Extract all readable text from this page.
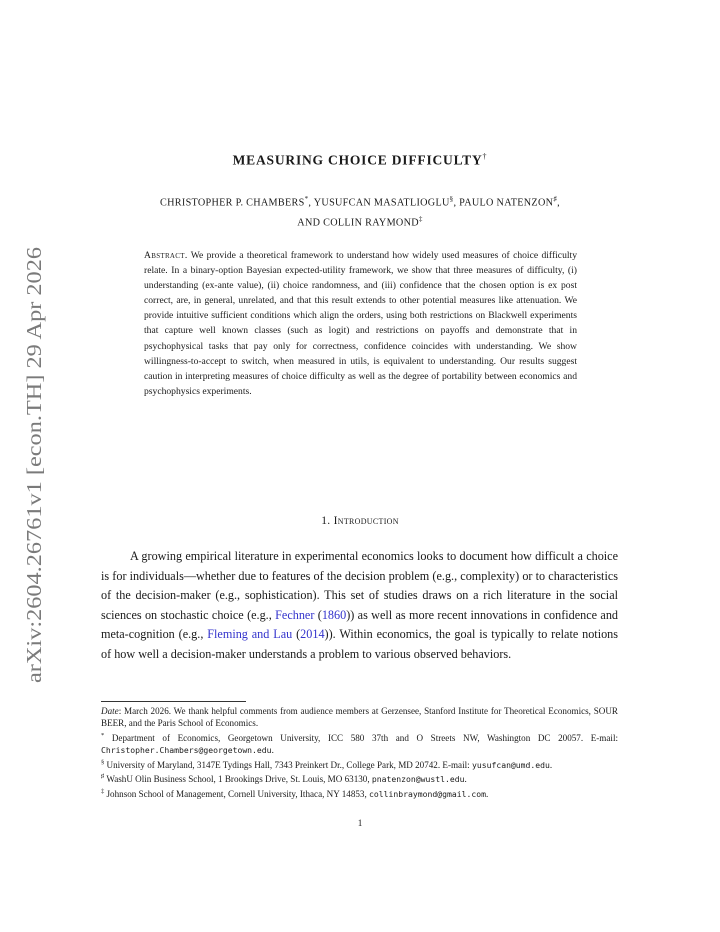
arXiv:2604.26761v1 [econ.TH] 29 Apr 2026
MEASURING CHOICE DIFFICULTY†
CHRISTOPHER P. CHAMBERS*, YUSUFCAN MASATLIOGLU§, PAULO NATENZON♯,
AND COLLIN RAYMOND‡
Abstract. We provide a theoretical framework to understand how widely used measures of choice difficulty relate. In a binary-option Bayesian expected-utility framework, we show that three measures of difficulty, (i) understanding (ex-ante value), (ii) choice randomness, and (iii) confidence that the chosen option is ex post correct, are, in general, unrelated, and that this result extends to other potential measures like attenuation. We provide intuitive sufficient conditions which align the orders, using both restrictions on Blackwell experiments that capture well known classes (such as logit) and restrictions on payoffs and demonstrate that in psychophysical tasks that pay only for correctness, confidence coincides with understanding. We show willingness-to-accept to switch, when measured in utils, is equivalent to understanding. Our results suggest caution in interpreting measures of choice difficulty as well as the degree of portability between economics and psychophysics experiments.
1. Introduction

A growing empirical literature in experimental economics looks to document how difficult a choice is for individuals—whether due to features of the decision problem (e.g., complexity) or to characteristics of the decision-maker (e.g., sophistication). This set of studies draws on a rich literature in the social sciences on stochastic choice (e.g., Fechner (1860)) as well as more recent innovations in confidence and meta-cognition (e.g., Fleming and Lau (2014)). Within economics, the goal is typically to relate notions of how well a decision-maker understands a problem to various observed behaviors.

Date: March 2026. We thank helpful comments from audience members at Gerzensee, Stanford Institute for Theoretical Economics, SOUR BEER, and the Paris School of Economics.

* Department of Economics, Georgetown University, ICC 580 37th and O Streets NW, Washington DC 20057. E-mail: Christopher.Chambers@georgetown.edu.

§ University of Maryland, 3147E Tydings Hall, 7343 Preinkert Dr., College Park, MD 20742. E-mail: yusufcan@umd.edu.

♯ WashU Olin Business School, 1 Brookings Drive, St. Louis, MO 63130, pnatenzon@wustl.edu.

‡ Johnson School of Management, Cornell University, Ithaca, NY 14853, collinbraymond@gmail.com.

1
